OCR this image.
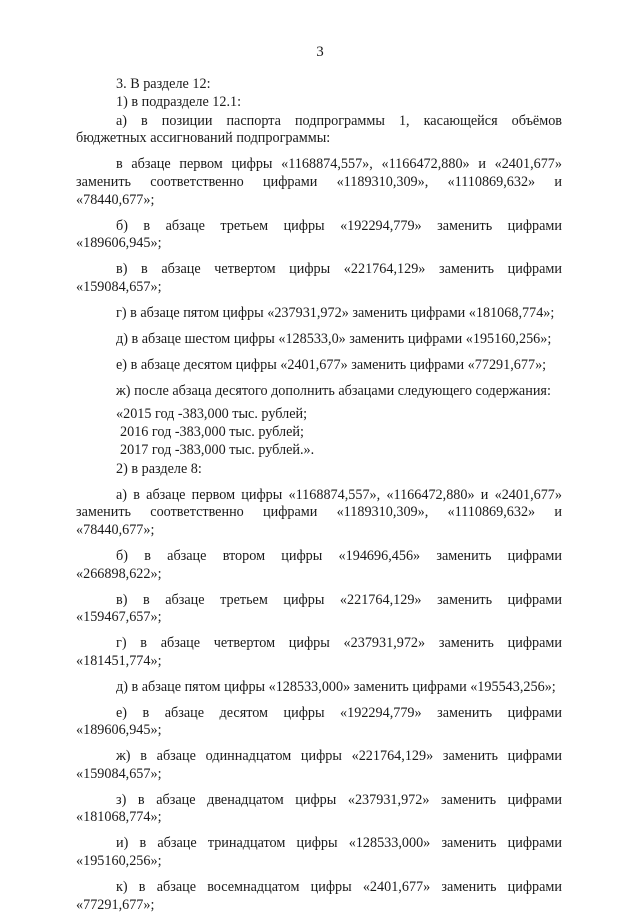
3

3. В разделе 12:

1) в подразделе 12.1:

а) в позиции паспорта подпрограммы 1, касающейся объёмов бюджетных ассигнований подпрограммы:

в абзаце первом цифры «1168874,557», «1166472,880» и «2401,677» заменить соответственно цифрами «1189310,309», «1110869,632» и «78440,677»;

б) в абзаце третьем цифры «192294,779» заменить цифрами «189606,945»;

в) в абзаце четвертом цифры «221764,129» заменить цифрами «159084,657»;

г) в абзаце пятом цифры «237931,972» заменить цифрами «181068,774»;

д) в абзаце шестом цифры «128533,0» заменить цифрами «195160,256»;

е) в абзаце десятом цифры «2401,677» заменить цифрами «77291,677»;

ж) после абзаца десятого дополнить абзацами следующего содержания:

«2015 год -383,000 тыс. рублей;

2016 год -383,000 тыс. рублей;

2017 год -383,000 тыс. рублей.».

2) в разделе 8:

а) в абзаце первом цифры «1168874,557», «1166472,880» и «2401,677» заменить соответственно цифрами «1189310,309», «1110869,632» и «78440,677»;

б) в абзаце втором цифры «194696,456» заменить цифрами «266898,622»;

в) в абзаце третьем цифры «221764,129» заменить цифрами «159467,657»;

г) в абзаце четвертом цифры «237931,972» заменить цифрами «181451,774»;

д) в абзаце пятом цифры «128533,000» заменить цифрами «195543,256»;

е) в абзаце десятом цифры «192294,779» заменить цифрами «189606,945»;

ж) в абзаце одиннадцатом цифры «221764,129» заменить цифрами «159084,657»;

з) в абзаце двенадцатом цифры «237931,972» заменить цифрами «181068,774»;

и) в абзаце тринадцатом цифры «128533,000» заменить цифрами «195160,256»;

к) в абзаце восемнадцатом цифры «2401,677» заменить цифрами «77291,677»;
